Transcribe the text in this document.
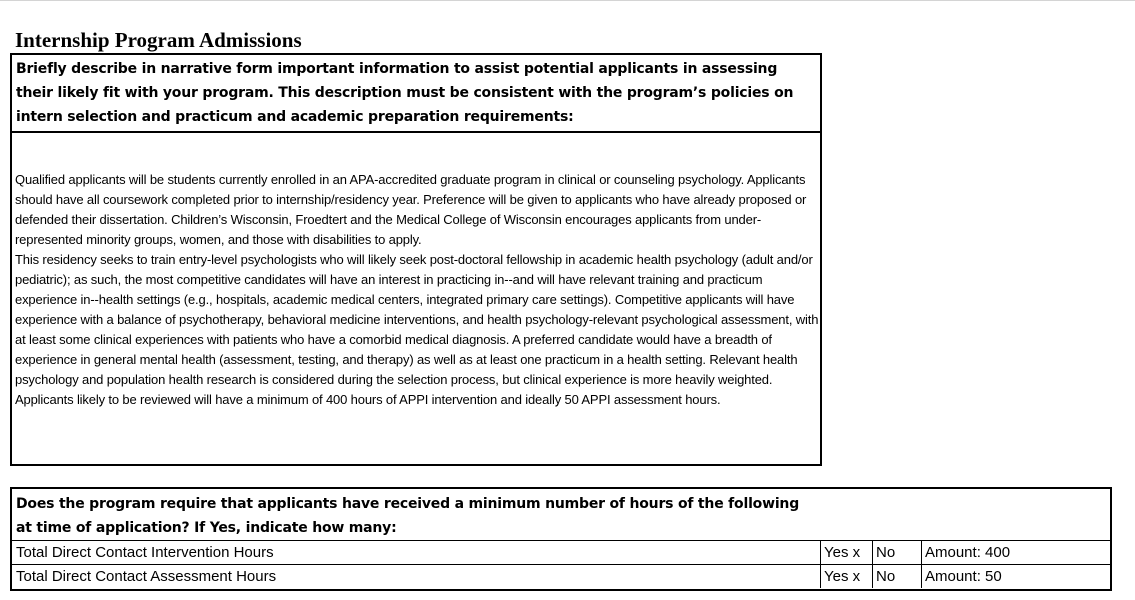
Internship Program Admissions
Briefly describe in narrative form important information to assist potential applicants in assessing their likely fit with your program. This description must be consistent with the program’s policies on intern selection and practicum and academic preparation requirements:

Qualified applicants will be students currently enrolled in an APA-accredited graduate program in clinical or counseling psychology. Applicants should have all coursework completed prior to internship/residency year. Preference will be given to applicants who have already proposed or defended their dissertation. Children’s Wisconsin, Froedtert and the Medical College of Wisconsin encourages applicants from under-represented minority groups, women, and those with disabilities to apply.

This residency seeks to train entry-level psychologists who will likely seek post-doctoral fellowship in academic health psychology (adult and/or pediatric); as such, the most competitive candidates will have an interest in practicing in--and will have relevant training and practicum experience in--health settings (e.g., hospitals, academic medical centers, integrated primary care settings). Competitive applicants will have experience with a balance of psychotherapy, behavioral medicine interventions, and health psychology-relevant psychological assessment, with at least some clinical experiences with patients who have a comorbid medical diagnosis. A preferred candidate would have a breadth of experience in general mental health (assessment, testing, and therapy) as well as at least one practicum in a health setting. Relevant health psychology and population health research is considered during the selection process, but clinical experience is more heavily weighted. Applicants likely to be reviewed will have a minimum of 400 hours of APPI intervention and ideally 50 APPI assessment hours.

Does the program require that applicants have received a minimum number of hours of the following at time of application? If Yes, indicate how many:
Total Direct Contact Intervention Hours	Yes x No Amount: 400
Total Direct Contact Assessment Hours	Yes x No Amount: 50
